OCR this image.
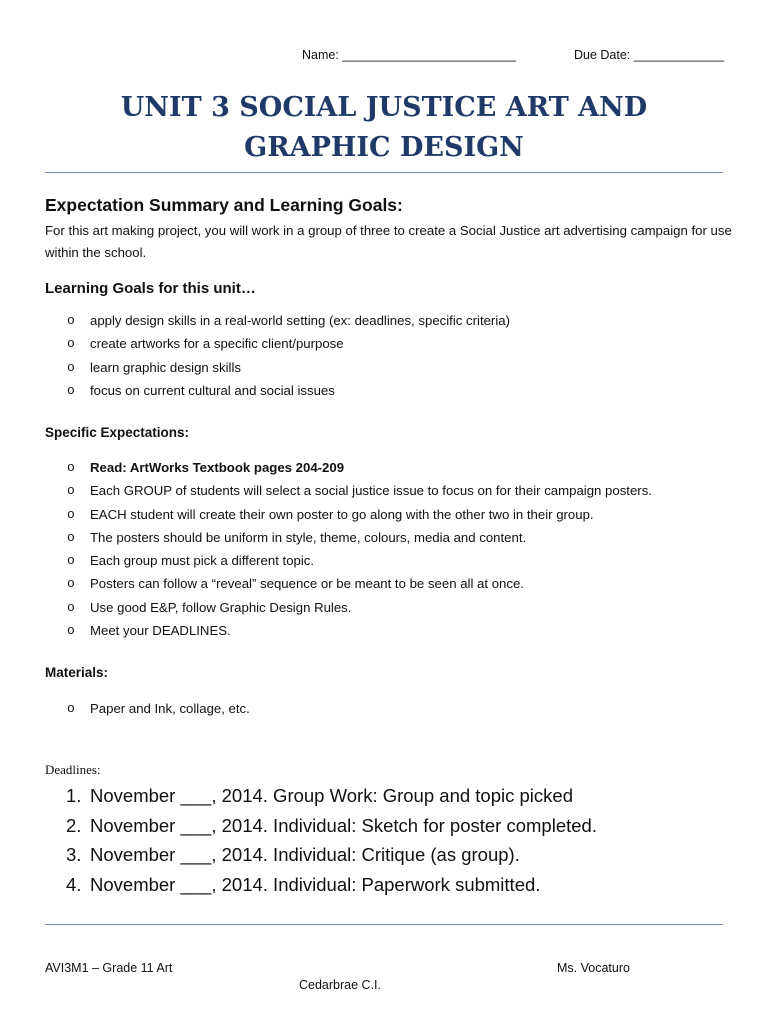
Name: _________________________	Due Date: _____________
UNIT 3 SOCIAL JUSTICE ART AND
GRAPHIC DESIGN
Expectation Summary and Learning Goals:
For this art making project, you will work in a group of three to create a Social Justice art advertising campaign for use within the school.
Learning Goals for this unit…
o apply design skills in a real-world setting (ex: deadlines, specific criteria)
o create artworks for a specific client/purpose
o learn graphic design skills
o focus on current cultural and social issues
Specific Expectations:
o Read: ArtWorks Textbook pages 204-209
o Each GROUP of students will select a social justice issue to focus on for their campaign posters.
o EACH student will create their own poster to go along with the other two in their group.
o The posters should be uniform in style, theme, colours, media and content.
o Each group must pick a different topic.
o Posters can follow a “reveal” sequence or be meant to be seen all at once.
o Use good E&P, follow Graphic Design Rules.
o Meet your DEADLINES.
Materials:
o Paper and Ink, collage, etc.
Deadlines:
1. November ___, 2014. Group Work: Group and topic picked
2. November ___, 2014. Individual: Sketch for poster completed.
3. November ___, 2014. Individual: Critique (as group).
4. November ___, 2014. Individual: Paperwork submitted.
AVI3M1 – Grade 11 Art	Ms. Vocaturo
Cedarbrae C.I.
